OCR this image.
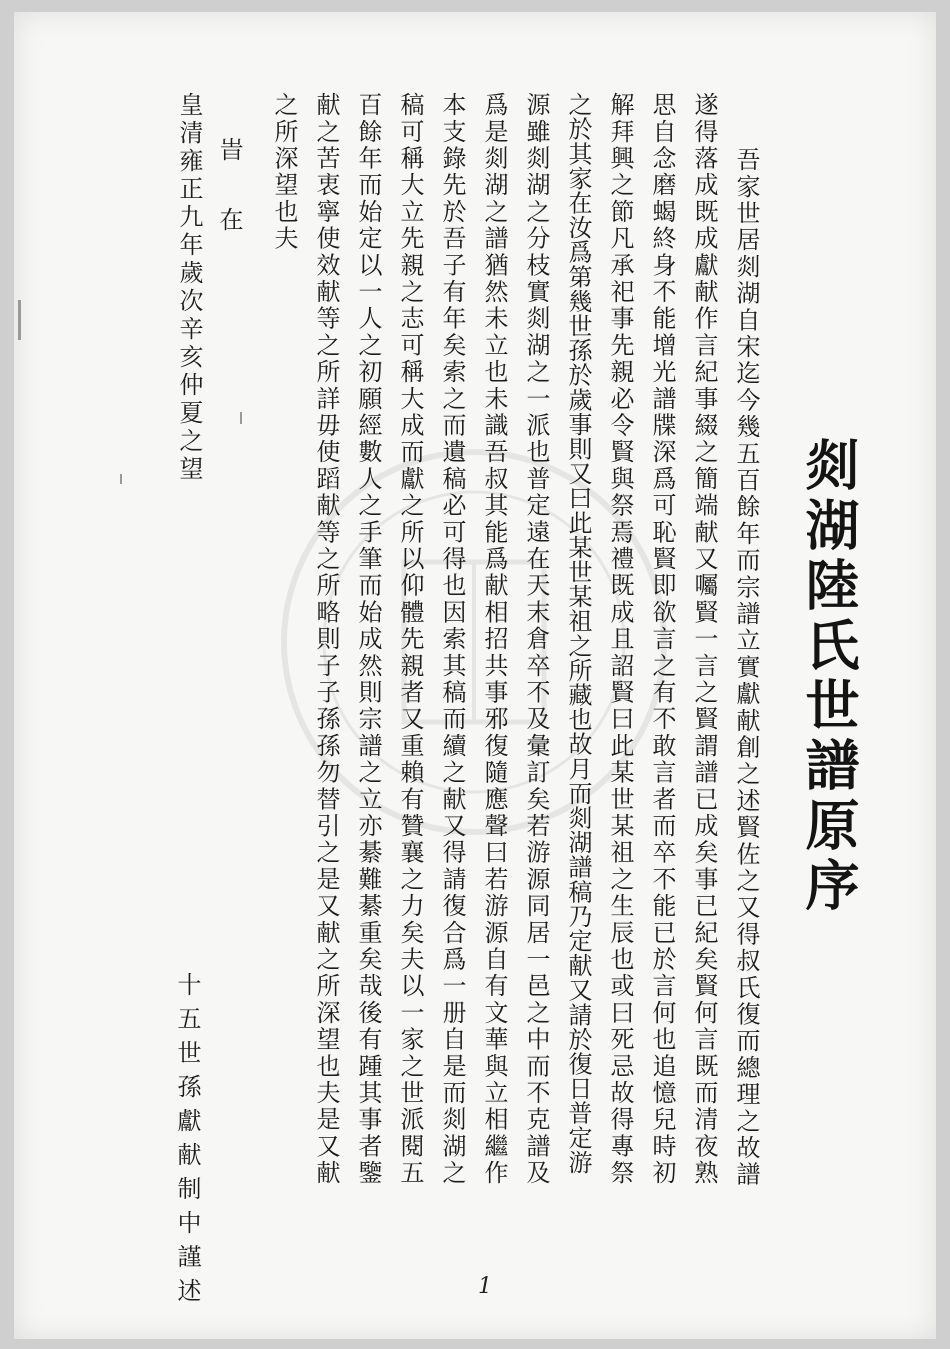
剡湖陸氏世譜原序
吾家世居剡湖自宋迄今幾五百餘年而宗譜立實獻献創之述賢佐之又得叔氏復而總理之故譜
遂得落成既成獻献作言紀事綴之簡端献又囑賢一言之賢謂譜已成矣事已紀矣賢何言既而清夜熟
思自念磨蝎終身不能增光譜牒深爲可恥賢即欲言之有不敢言者而卒不能已於言何也追憶兒時初
解拜興之節凡承祀事先親必令賢與祭焉禮既成且詔賢曰此某世某祖之生辰也或曰死忌故得專祭
之於其家在汝爲第幾世孫於歲事則又曰此某世某祖之所藏也故月而剡湖譜稿乃定献又請於復日普定游
源雖剡湖之分枝實剡湖之一派也普定遠在天末倉卒不及彙訂矣若游源同居一邑之中而不克譜及
爲是剡湖之譜猶然未立也未識吾叔其能爲献相招共事邪復隨應聲曰若游源自有文華與立相繼作
本支錄先於吾子有年矣索之而遺稿必可得也因索其稿而續之献又得請復合爲一册自是而剡湖之
稿可稱大立先親之志可稱大成而獻之所以仰體先親者又重賴有贊襄之力矣夫以一家之世派閱五
百餘年而始定以一人之初願經數人之手筆而始成然則宗譜之立亦綦難綦重矣哉後有踵其事者鑒
献之苦衷寧使效献等之所詳毋使蹈献等之所略則子子孫孫勿替引之是又献之所深望也夫是又献
之所深望也夫
旹
在
皇清雍正九年歲次辛亥仲夏之望
十五世孫獻献制中謹述	1
